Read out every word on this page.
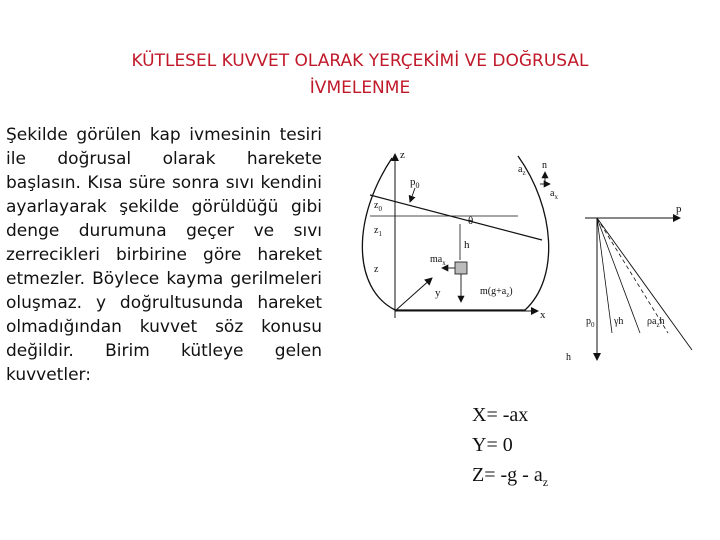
KÜTLESEL KUVVET OLARAK YERÇEKİMİ VE DOĞRUSAL
İVMELENME
Şekilde görülen kap ivmesinin tesiri ile doğrusal olarak harekete başlasın. Kısa süre sonra sıvı kendini ayarlayarak şekilde görüldüğü gibi denge durumuna geçer ve sıvı zerrecikleri birbirine göre hareket etmezler. Böylece kayma gerilmeleri oluşmaz. y doğrultusunda hareket olmadığından kuvvet söz konusu değildir. Birim kütleye gelen kuvvetler:
z
x
y
θ
$p_0$
$z_0$
$z_1$
z
h
$ma_x$
$m(g+a_z)$
$a_z$
n
$a_x$
p
h
$p_0$ γh $\rho a_zh$
X= -ax
Y= 0
$Z= -g - a_z$
